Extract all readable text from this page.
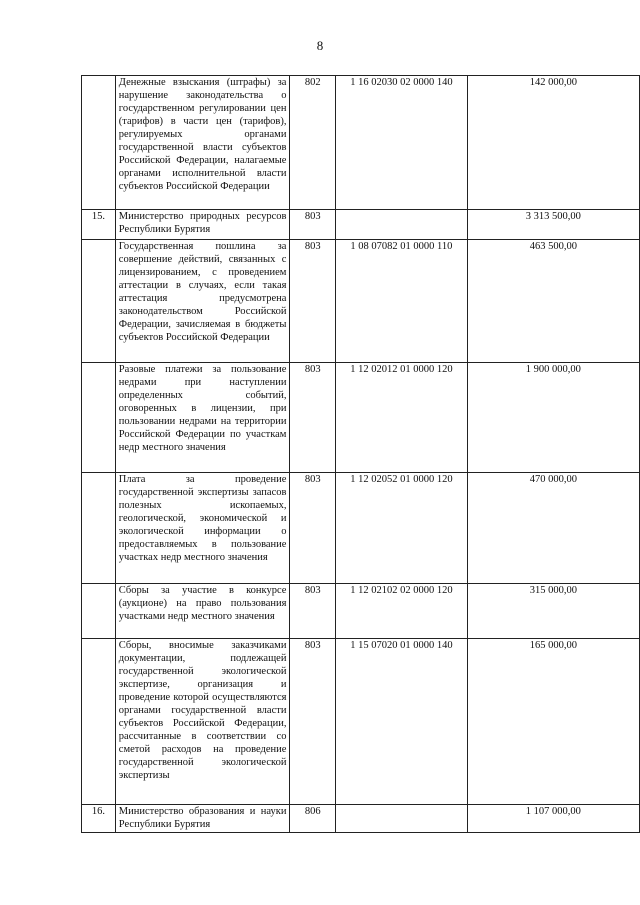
8
	Денежные взыскания (штрафы) за нарушение законодательства о государственном регулировании цен (тарифов) в части цен (тарифов), регулируемых органами государственной власти субъектов Российской Федерации, налагаемые органами исполнительной власти субъектов Российской Федерации	802	1 16 02030 02 0000 140	142 000,00
15.	Министерство природных ресурсов Республики Бурятия	803		3 313 500,00
	Государственная пошлина за совершение действий, связанных с лицензированием, с проведением аттестации в случаях, если такая аттестация предусмотрена законодательством Российской Федерации, зачисляемая в бюджеты субъектов Российской Федерации	803	1 08 07082 01 0000 110	463 500,00
	Разовые платежи за пользование недрами при наступлении определенных событий, оговоренных в лицензии, при пользовании недрами на территории Российской Федерации по участкам недр местного значения	803	1 12 02012 01 0000 120	1 900 000,00
	Плата за проведение государственной экспертизы запасов полезных ископаемых, геологической, экономической и экологической информации о предоставляемых в пользование участках недр местного значения	803	1 12 02052 01 0000 120	470 000,00
	Сборы за участие в конкурсе (аукционе) на право пользования участками недр местного значения	803	1 12 02102 02 0000 120	315 000,00
	Сборы, вносимые заказчиками документации, подлежащей государственной экологической экспертизе, организация и проведение которой осуществляются органами государственной власти субъектов Российской Федерации, рассчитанные в соответствии со сметой расходов на проведение государственной экологической экспертизы	803	1 15 07020 01 0000 140	165 000,00
16.	Министерство образования и науки Республики Бурятия	806		1 107 000,00
